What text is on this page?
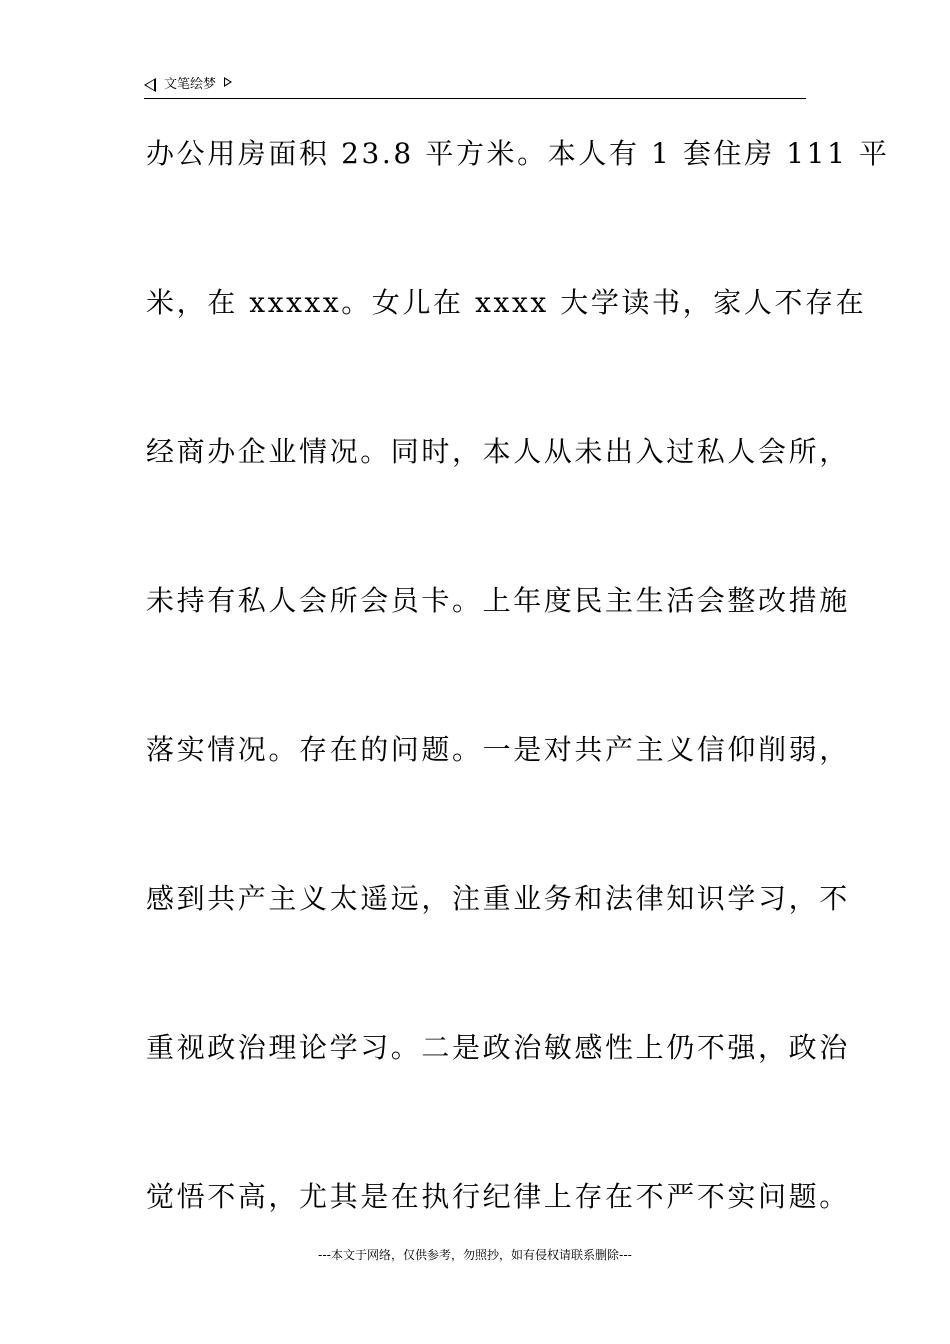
文笔绘梦
办公用房面积 23.8 平方米。本人有 1 套住房 111 平
米，在 xxxxx。女儿在 xxxx 大学读书，家人不存在
经商办企业情况。同时，本人从未出入过私人会所，
未持有私人会所会员卡。上年度民主生活会整改措施
落实情况。存在的问题。一是对共产主义信仰削弱，
感到共产主义太遥远，注重业务和法律知识学习，不
重视政治理论学习。二是政治敏感性上仍不强，政治
觉悟不高，尤其是在执行纪律上存在不严不实问题。
---本文于网络，仅供参考，勿照抄，如有侵权请联系删除---
